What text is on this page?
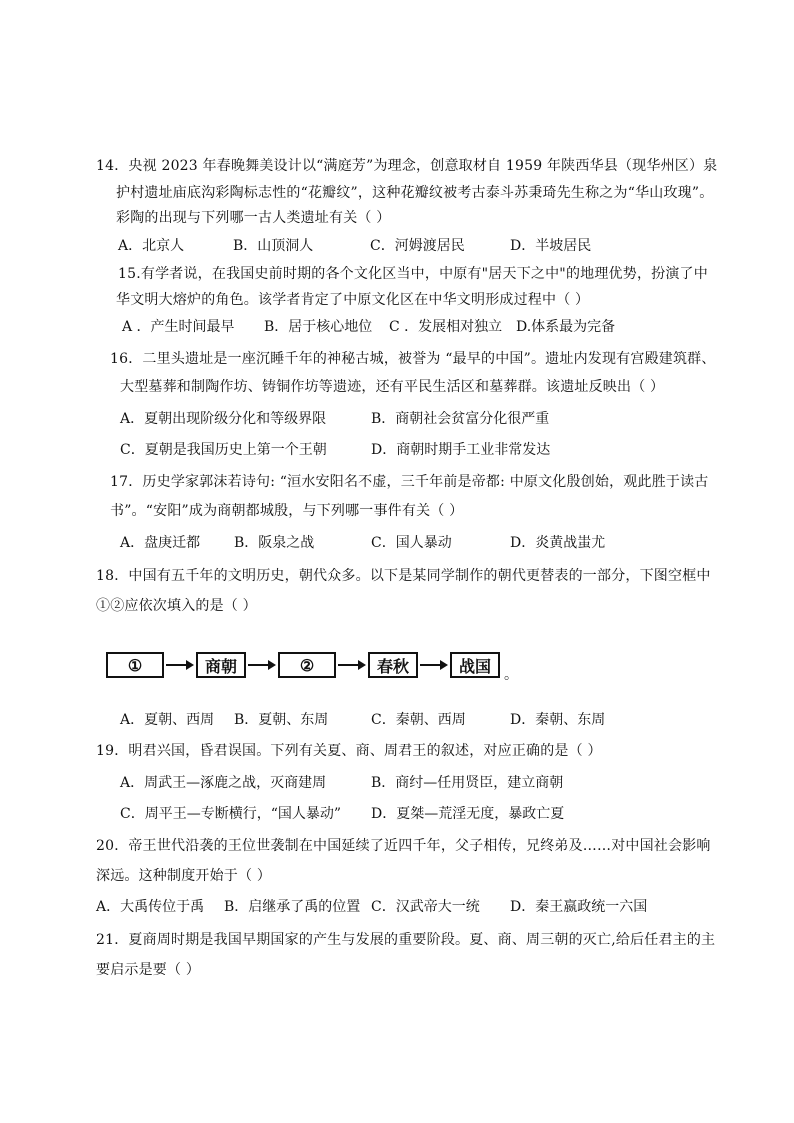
14．央视 2023 年春晚舞美设计以“满庭芳”为理念，创意取材自 1959 年陕西华县（现华州区）泉
护村遗址庙底沟彩陶标志性的“花瓣纹”，这种花瓣纹被考古泰斗苏秉琦先生称之为“华山玫瑰”。
彩陶的出现与下列哪一古人类遗址有关（ ）
A．北京人	B．山顶洞人	C．河姆渡居民	D．半坡居民
15.有学者说，在我国史前时期的各个文化区当中，中原有"居天下之中"的地理优势，扮演了中
华文明大熔炉的角色。该学者肯定了中原文化区在中华文明形成过程中（ ）
A ．产生时间最早 B．居于核心地位 C ．发展相对独立 D.体系最为完备
16．二里头遗址是一座沉睡千年的神秘古城，被誉为 “最早的中国”。遗址内发现有宫殿建筑群、
大型墓葬和制陶作坊、铸铜作坊等遗迹，还有平民生活区和墓葬群。该遗址反映出（ ）
A．夏朝出现阶级分化和等级界限	B．商朝社会贫富分化很严重
C．夏朝是我国历史上第一个王朝	D．商朝时期手工业非常发达
17．历史学家郭沫若诗句: “洹水安阳名不虚，三千年前是帝都: 中原文化殷创始，观此胜于读古
书”。“安阳”成为商朝都城殷，与下列哪一事件有关（ ）
A．盘庚迁都 B．阪泉之战	C．国人暴动	D．炎黄战蚩尤
18．中国有五千年的文明历史，朝代众多。以下是某同学制作的朝代更替表的一部分，下图空框中
①②应依次填入的是（ ）
①	商朝	②	春秋	战国 。
A．夏朝、西周 B．夏朝、东周	C．秦朝、西周	D．秦朝、东周
19．明君兴国，昏君误国。下列有关夏、商、周君王的叙述，对应正确的是（ ）
A．周武王—涿鹿之战，灭商建周	B．商纣—任用贤臣，建立商朝
C．周平王—专断横行，“国人暴动” D．夏桀—荒淫无度，暴政亡夏
20．帝王世代沿袭的王位世袭制在中国延续了近四千年，父子相传，兄终弟及……对中国社会影响
深远。这种制度开始于（ ）
A．大禹传位于禹 B．启继承了禹的位置 C．汉武帝大一统 D．秦王嬴政统一六国
21．夏商周时期是我国早期国家的产生与发展的重要阶段。夏、商、周三朝的灭亡,给后任君主的主
要启示是要（ ）
